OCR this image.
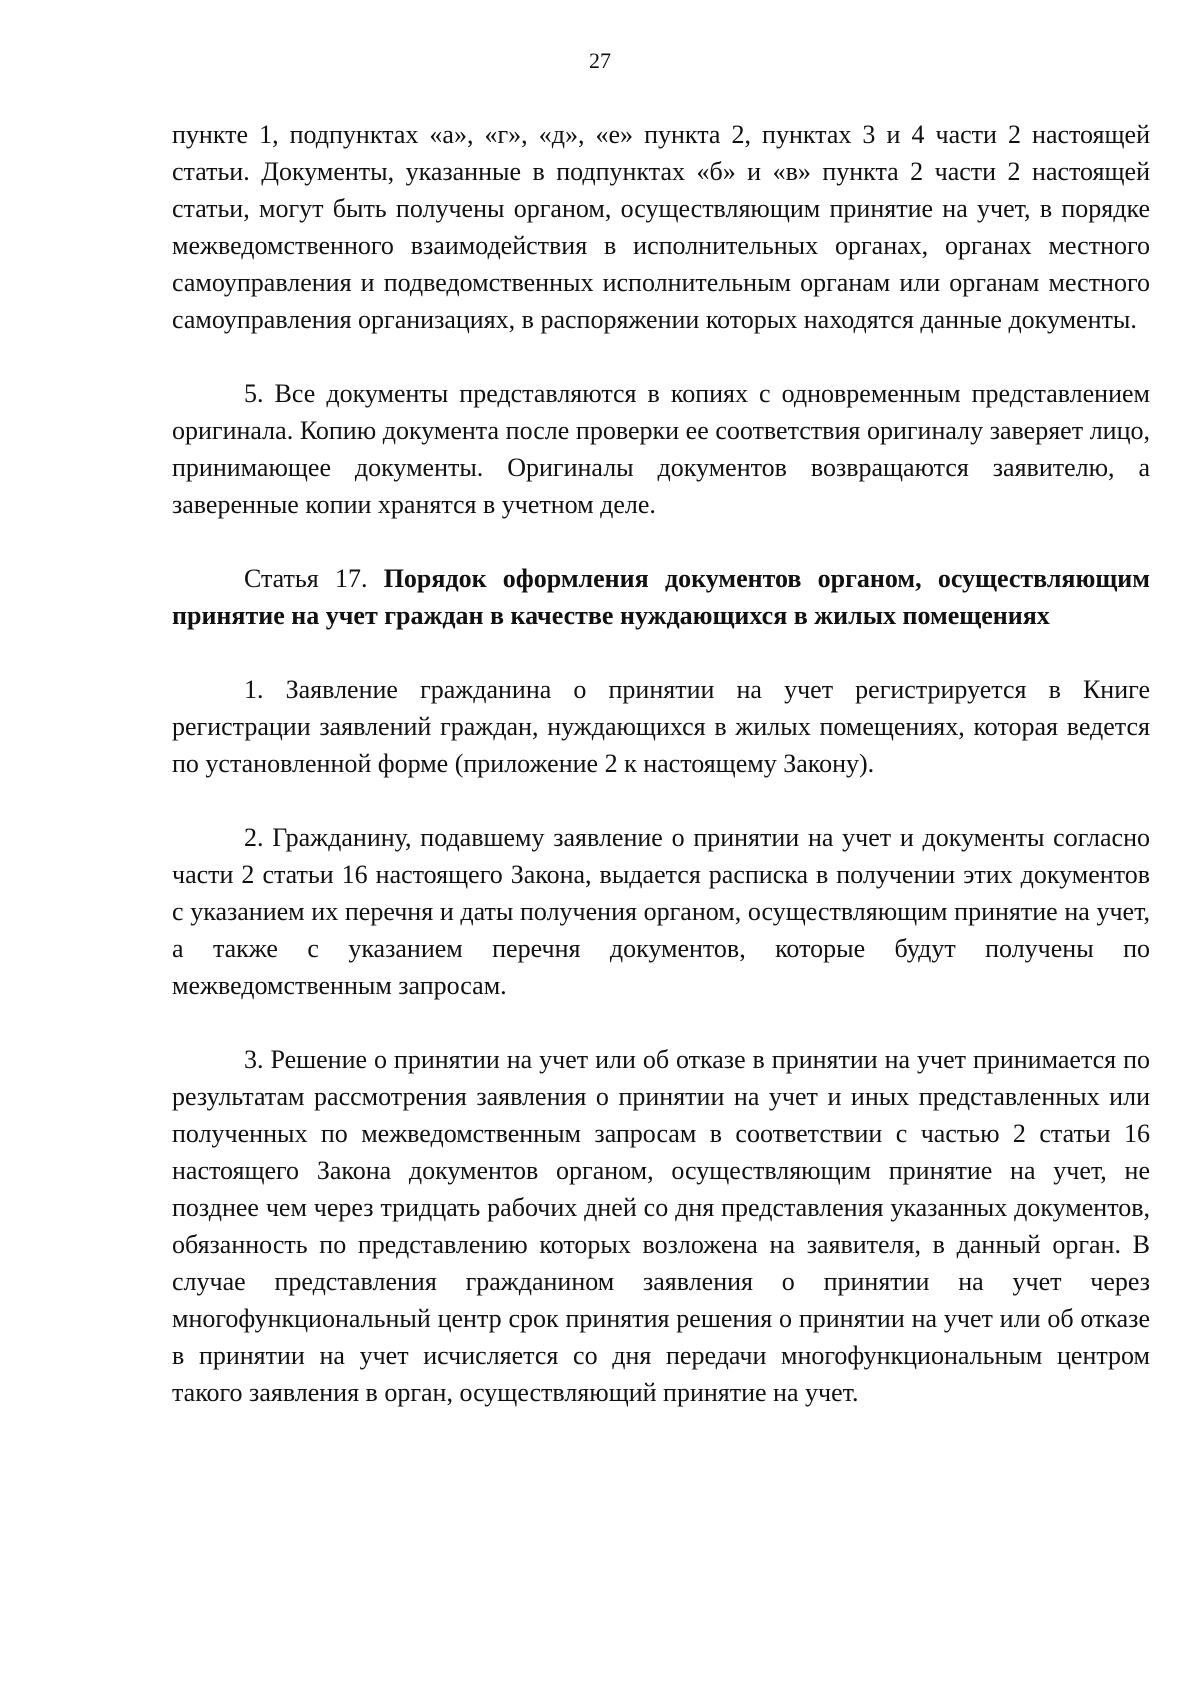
27

пункте 1, подпунктах «а», «г», «д», «е» пункта 2, пунктах 3 и 4 части 2 настоящей статьи. Документы, указанные в подпунктах «б» и «в» пункта 2 части 2 настоящей статьи, могут быть получены органом, осуществляющим принятие на учет, в порядке межведомственного взаимодействия в исполнительных органах, органах местного самоуправления и подведомственных исполнительным органам или органам местного самоуправления организациях, в распоряжении которых находятся данные документы.

5. Все документы представляются в копиях с одновременным представлением оригинала. Копию документа после проверки ее соответствия оригиналу заверяет лицо, принимающее документы. Оригиналы документов возвращаются заявителю, а заверенные копии хранятся в учетном деле.

Статья 17. Порядок оформления документов органом, осуществляющим принятие на учет граждан в качестве нуждающихся в жилых помещениях

1. Заявление гражданина о принятии на учет регистрируется в Книге регистрации заявлений граждан, нуждающихся в жилых помещениях, которая ведется по установленной форме (приложение 2 к настоящему Закону).

2. Гражданину, подавшему заявление о принятии на учет и документы согласно части 2 статьи 16 настоящего Закона, выдается расписка в получении этих документов с указанием их перечня и даты получения органом, осуществляющим принятие на учет, а также с указанием перечня документов, которые будут получены по межведомственным запросам.

3. Решение о принятии на учет или об отказе в принятии на учет принимается по результатам рассмотрения заявления о принятии на учет и иных представленных или полученных по межведомственным запросам в соответствии с частью 2 статьи 16 настоящего Закона документов органом, осуществляющим принятие на учет, не позднее чем через тридцать рабочих дней со дня представления указанных документов, обязанность по представлению которых возложена на заявителя, в данный орган. В случае представления гражданином заявления о принятии на учет через многофункциональный центр срок принятия решения о принятии на учет или об отказе в принятии на учет исчисляется со дня передачи многофункциональным центром такого заявления в орган, осуществляющий принятие на учет.
